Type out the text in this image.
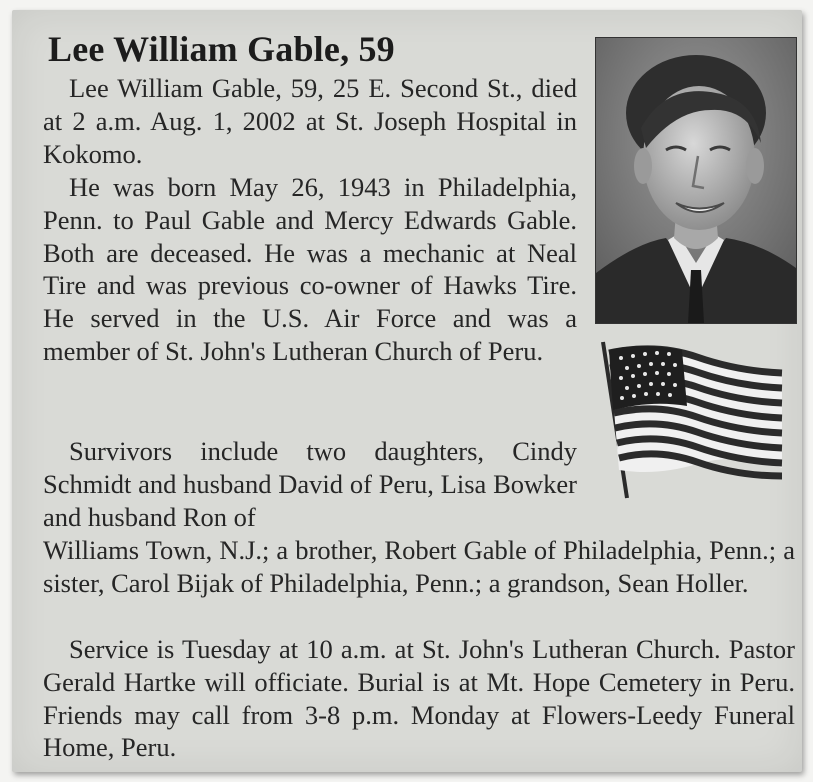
Lee William Gable, 59

Lee William Gable, 59, 25 E. Second St., died at 2 a.m. Aug. 1, 2002 at St. Joseph Hospital in Kokomo.

He was born May 26, 1943 in Philadelphia, Penn. to Paul Gable and Mercy Edwards Gable. Both are deceased. He was a mechanic at Neal Tire and was previous co-owner of Hawks Tire. He served in the U.S. Air Force and was a member of St. John's Lutheran Church of Peru.

Survivors include two daughters, Cindy Schmidt and husband David of Peru, Lisa Bowker and husband Ron of

Williams Town, N.J.; a brother, Robert Gable of Philadelphia, Penn.; a sister, Carol Bijak of Philadelphia, Penn.; a grandson, Sean Holler.

Service is Tuesday at 10 a.m. at St. John's Lutheran Church. Pastor Gerald Hartke will officiate. Burial is at Mt. Hope Cemetery in Peru. Friends may call from 3-8 p.m. Monday at Flowers-Leedy Funeral Home, Peru.
